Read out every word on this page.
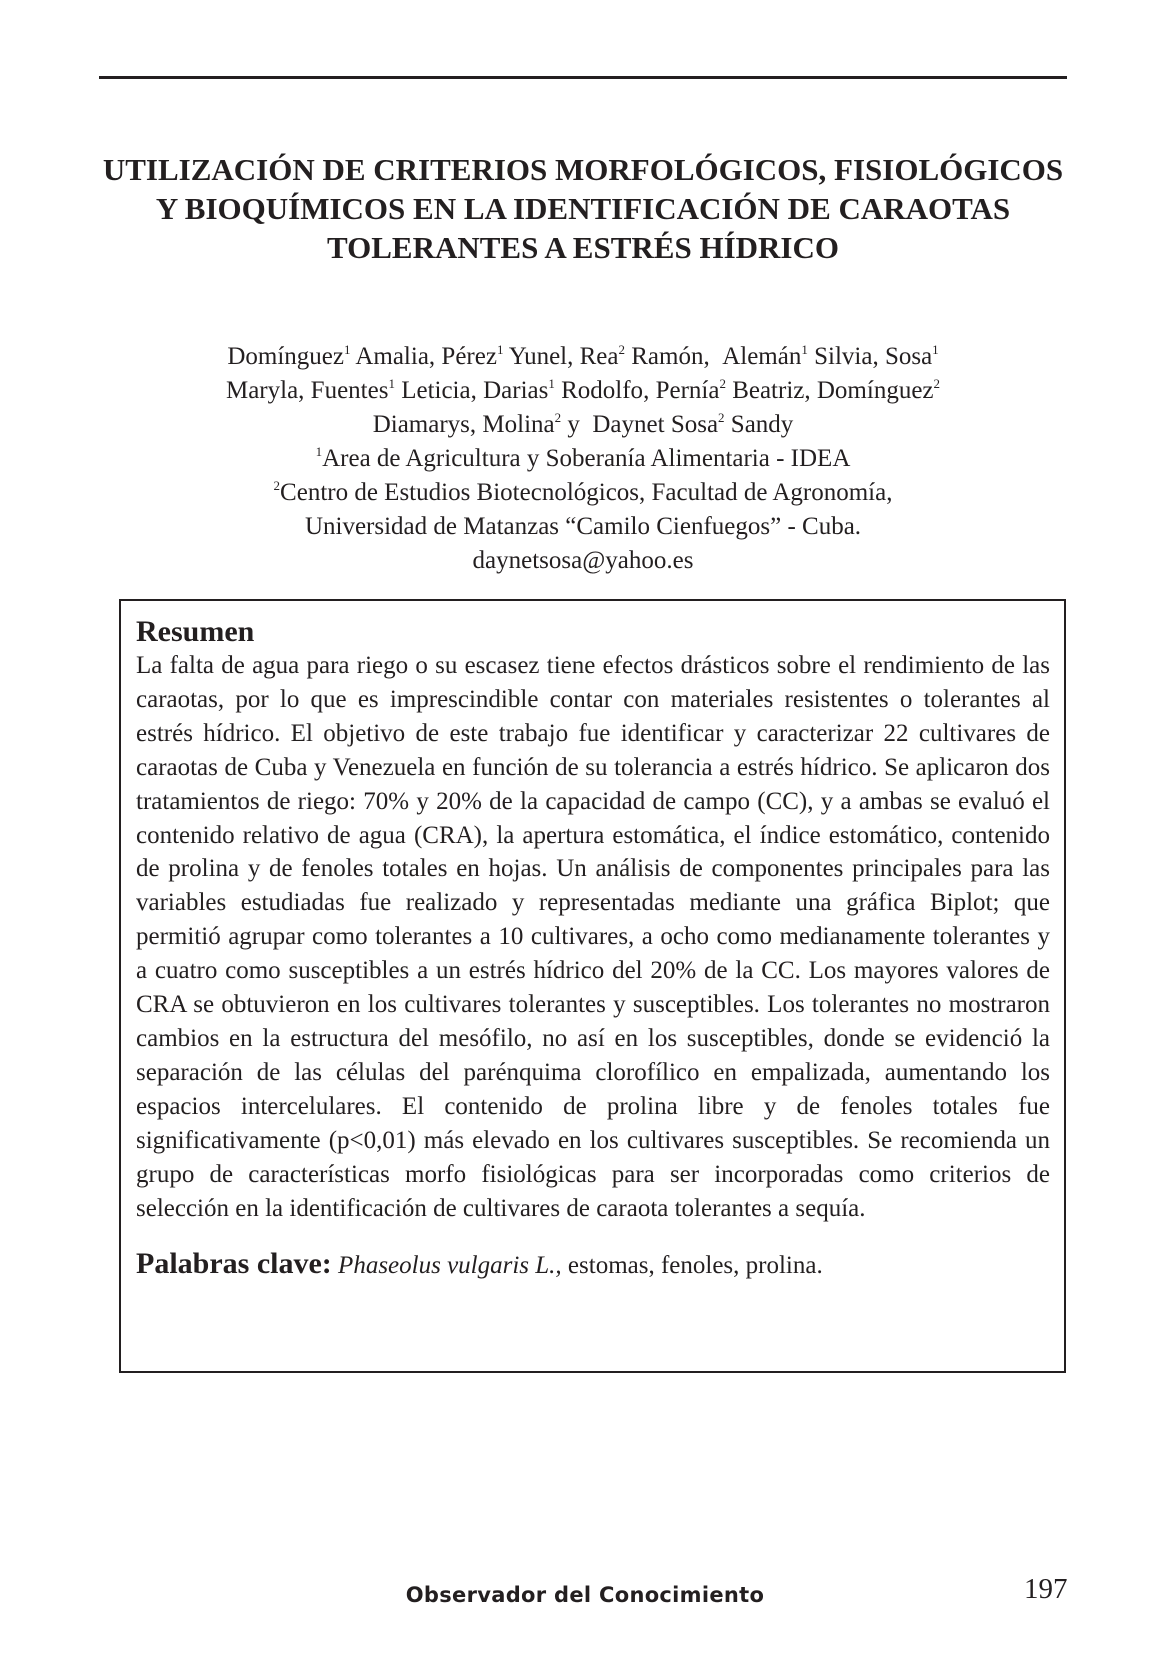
UTILIZACIÓN DE CRITERIOS MORFOLÓGICOS, FISIOLÓGICOS Y BIOQUÍMICOS EN LA IDENTIFICACIÓN DE CARAOTAS TOLERANTES A ESTRÉS HÍDRICO
Domínguez$^1$ Amalia, Pérez$^1$ Yunel, Rea$^2$ Ramón,  Alemán$^1$ Silvia, Sosa$^1$
Maryla, Fuentes$^1$ Leticia, Darias$^1$ Rodolfo, Pernía$^2$ Beatriz, Domínguez$^2$
Diamarys, Molina$^2$ y  Daynet Sosa$^2$ Sandy
$^1$Area de Agricultura y Soberanía Alimentaria - IDEA
$^2$Centro de Estudios Biotecnológicos, Facultad de Agronomía,
Universidad de Matanzas “Camilo Cienfuegos” - Cuba.
daynetsosa@yahoo.es
Resumen

La falta de agua para riego o su escasez tiene efectos drásticos sobre el rendimiento de las caraotas, por lo que es imprescindible contar con materiales resistentes o tolerantes al estrés hídrico. El objetivo de este trabajo fue identificar y caracterizar 22 cultivares de caraotas de Cuba y Venezuela en función de su tolerancia a estrés hídrico. Se aplicaron dos tratamientos de riego: 70% y 20% de la capacidad de campo (CC), y a ambas se evaluó el contenido relativo de agua (CRA), la apertura estomática, el índice estomático, contenido de prolina y de fenoles totales en hojas. Un análisis de componentes principales para las variables estudiadas fue realizado y representadas mediante una gráfica Biplot; que permitió agrupar como tolerantes a 10 cultivares, a ocho como medianamente tolerantes y a cuatro como susceptibles a un estrés hídrico del 20% de la CC. Los mayores valores de CRA se obtuvieron en los cultivares tolerantes y susceptibles. Los tolerantes no mostraron cambios en la estructura del mesófilo, no así en los susceptibles, donde se evidenció la separación de las células del parénquima clorofílico en empalizada, aumentando los espacios intercelulares. El contenido de prolina libre y de fenoles totales fue significativamente (p<0,01) más elevado en los cultivares susceptibles. Se recomienda un grupo de características morfo fisiológicas para ser incorporadas como criterios de selección en la identificación de cultivares de caraota tolerantes a sequía.

Palabras clave: Phaseolus vulgaris L., estomas, fenoles, prolina.

Observador del Conocimiento	197
